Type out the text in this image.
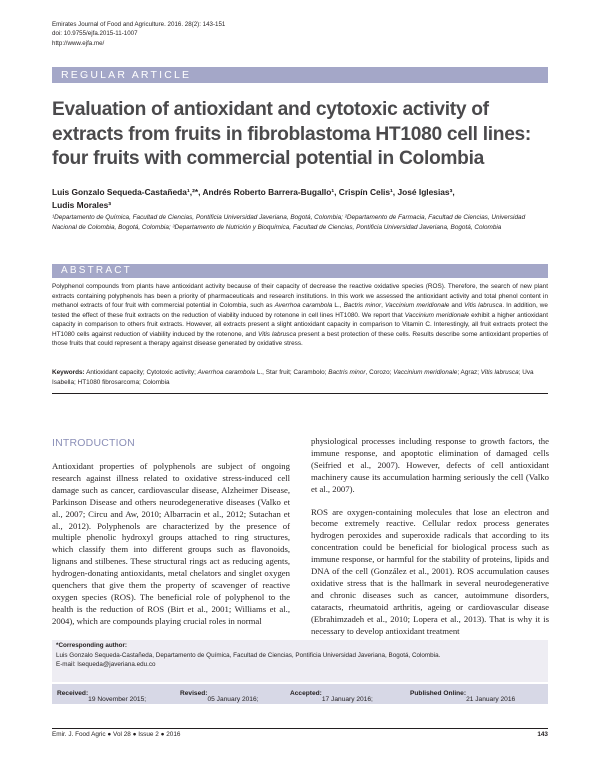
Emirates Journal of Food and Agriculture. 2016. 28(2): 143-151
doi: 10.9755/ejfa.2015-11-1007
http://www.ejfa.me/
REGULAR ARTICLE
Evaluation of antioxidant and cytotoxic activity of
extracts from fruits in fibroblastoma HT1080 cell lines:
four fruits with commercial potential in Colombia
Luis Gonzalo Sequeda-Castañeda¹,²*, Andrés Roberto Barrera-Bugallo¹, Crispín Celis¹, José Iglesias³,
Ludis Morales³
¹Departamento de Química, Facultad de Ciencias, Pontificia Universidad Javeriana, Bogotá, Colombia; ²Departamento de Farmacia, Facultad de Ciencias, Universidad Nacional de Colombia, Bogotá, Colombia; ³Departamento de Nutrición y Bioquímica, Facultad de Ciencias, Pontificia Universidad Javeriana, Bogotá, Colombia
ABSTRACT

Polyphenol compounds from plants have antioxidant activity because of their capacity of decrease the reactive oxidative species (ROS). Therefore, the search of new plant extracts containing polyphenols has been a priority of pharmaceuticals and research institutions. In this work we assessed the antioxidant activity and total phenol content in methanol extracts of four fruit with commercial potential in Colombia, such as Averrhoa carambola L., Bactris minor, Vaccinium meridionale and Vitis labrusca. In addition, we tested the effect of these fruit extracts on the reduction of viability induced by rotenone in cell lines HT1080. We report that Vaccinium meridionale exhibit a higher antioxidant capacity in comparison to others fruit extracts. However, all extracts present a slight antioxidant capacity in comparison to Vitamin C. Interestingly, all fruit extracts protect the HT1080 cells against reduction of viability induced by the rotenone, and Vitis labrusca present a best protection of these cells. Results describe some antioxidant properties of those fruits that could represent a therapy against disease generated by oxidative stress.

Keywords: Antioxidant capacity; Cytotoxic activity; Averrhoa carambola L., Star fruit; Carambolo; Bactris minor, Corozo; Vaccinium meridionale; Agraz; Vitis labrusca; Uva Isabella; HT1080 fibrosarcoma; Colombia
INTRODUCTION

Antioxidant properties of polyphenols are subject of ongoing research against illness related to oxidative stress-induced cell damage such as cancer, cardiovascular disease, Alzheimer Disease, Parkinson Disease and others neurodegenerative diseases (Valko et al., 2007; Circu and Aw, 2010; Albarracin et al., 2012; Sutachan et al., 2012). Polyphenols are characterized by the presence of multiple phenolic hydroxyl groups attached to ring structures, which classify them into different groups such as flavonoids, lignans and stilbenes. These structural rings act as reducing agents, hydrogen-donating antioxidants, metal chelators and singlet oxygen quenchers that give them the property of scavenger of reactive oxygen species (ROS). The beneficial role of polyphenol to the health is the reduction of ROS (Birt et al., 2001; Williams et al., 2004), which are compounds playing crucial roles in normal

physiological processes including response to growth factors, the immune response, and apoptotic elimination of damaged cells (Seifried et al., 2007). However, defects of cell antioxidant machinery cause its accumulation harming seriously the cell (Valko et al., 2007).

ROS are oxygen-containing molecules that lose an electron and become extremely reactive. Cellular redox process generates hydrogen peroxides and superoxide radicals that according to its concentration could be beneficial for biological process such as immune response, or harmful for the stability of proteins, lipids and DNA of the cell (González et al., 2001). ROS accumulation causes oxidative stress that is the hallmark in several neurodegenerative and chronic diseases such as cancer, autoimmune disorders, cataracts, rheumatoid arthritis, ageing or cardiovascular disease (Ebrahimzadeh et al., 2010; Lopera et al., 2013). That is why it is necessary to develop antioxidant treatment

*Corresponding author:
Luis Gonzalo Sequeda-Castañeda, Departamento de Química, Facultad de Ciencias, Pontificia Universidad Javeriana, Bogotá, Colombia.
E-mail: lsequeda@javeriana.edu.co
Received:
19 November 2015;
Revised:
05 January 2016;
Accepted:
17 January 2016;
Published Online:
21 January 2016
Emir. J. Food Agric ● Vol 28 ● Issue 2 ● 2016	143
